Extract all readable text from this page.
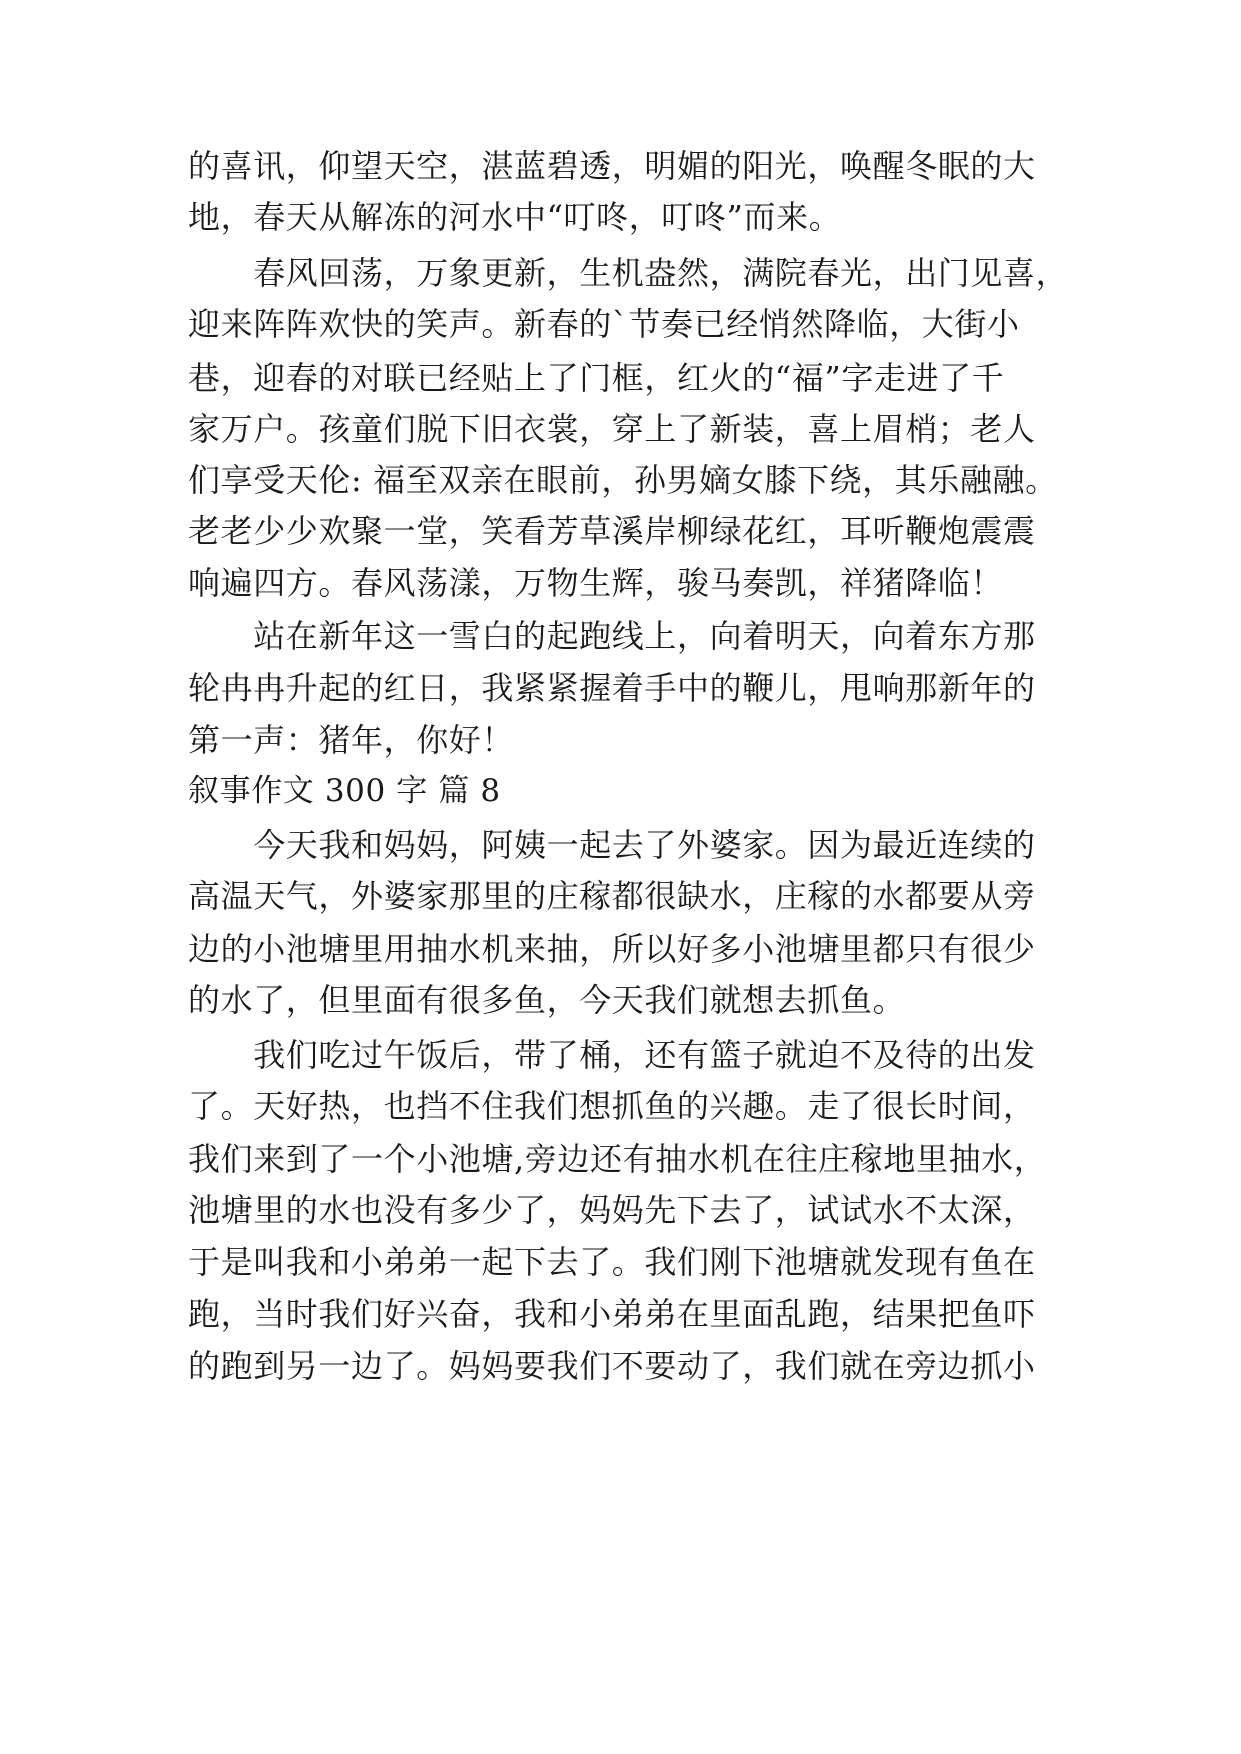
的喜讯，仰望天空，湛蓝碧透，明媚的阳光，唤醒冬眠的大
地，春天从解冻的河水中“叮咚，叮咚”而来。
　　春风回荡，万象更新，生机盎然，满院春光，出门见喜，
迎来阵阵欢快的笑声。新春的`节奏已经悄然降临，大街小
巷，迎春的对联已经贴上了门框，红火的“福”字走进了千
家万户。孩童们脱下旧衣裳，穿上了新装，喜上眉梢；老人
们享受天伦: 福至双亲在眼前，孙男嫡女膝下绕，其乐融融。
老老少少欢聚一堂，笑看芳草溪岸柳绿花红，耳听鞭炮震震
响遍四方。春风荡漾，万物生辉，骏马奏凯，祥猪降临！
　　站在新年这一雪白的起跑线上，向着明天，向着东方那
轮冉冉升起的红日，我紧紧握着手中的鞭儿，甩响那新年的
第一声：猪年，你好！
叙事作文 300 字 篇 8
　　今天我和妈妈，阿姨一起去了外婆家。因为最近连续的
高温天气，外婆家那里的庄稼都很缺水，庄稼的水都要从旁
边的小池塘里用抽水机来抽，所以好多小池塘里都只有很少
的水了，但里面有很多鱼，今天我们就想去抓鱼。
　　我们吃过午饭后，带了桶，还有篮子就迫不及待的出发
了。天好热，也挡不住我们想抓鱼的兴趣。走了很长时间，
我们来到了一个小池塘,旁边还有抽水机在往庄稼地里抽水，
池塘里的水也没有多少了，妈妈先下去了，试试水不太深，
于是叫我和小弟弟一起下去了。我们刚下池塘就发现有鱼在
跑，当时我们好兴奋，我和小弟弟在里面乱跑，结果把鱼吓
的跑到另一边了。妈妈要我们不要动了，我们就在旁边抓小
